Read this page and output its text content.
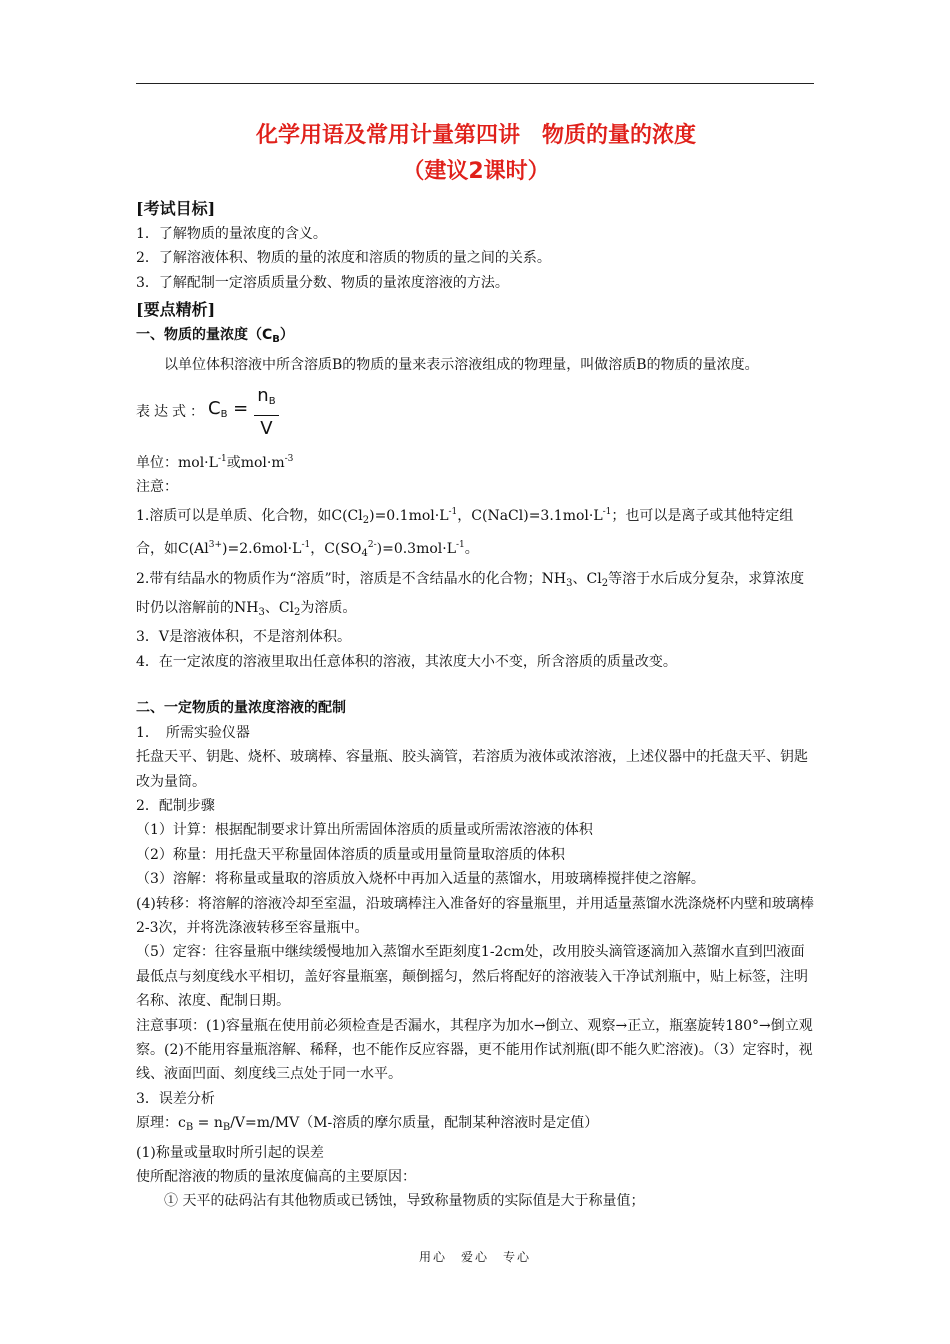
化学用语及常用计量第四讲　物质的量的浓度
（建议2课时）
[考试目标]

1．了解物质的量浓度的含义。

2．了解溶液体积、物质的量的浓度和溶质的物质的量之间的关系。

3．了解配制一定溶质质量分数、物质的量浓度溶液的方法。

[要点精析]

一、物质的量浓度$(C_B)$

以单位体积溶液中所含溶质B的物质的量来表示溶液组成的物理量，叫做溶质B的物质的量浓度。

表达式： $C_B = \frac{n_B}{V}$

单位：$mol\cdot L^{-1}$或$mol\cdot m^{-3}$

注意：

1.溶质可以是单质、化合物，如$C(Cl_2)=0.1mol\cdot L^{-1}$，$C(NaCl)=3.1mol\cdot L^{-1}$；也可以是离子或其他特定组合，如$C(Al^{3+})=2.6mol\cdot L^{-1}$，$C(SO_4^{2-})=0.3mol\cdot L^{-1}$。

2.带有结晶水的物质作为“溶质”时，溶质是不含结晶水的化合物；$NH_3$、$Cl_2$等溶于水后成分复杂，求算浓度时仍以溶解前的$NH_3$、$Cl_2$为溶质。

3．V是溶液体积，不是溶剂体积。

4．在一定浓度的溶液里取出任意体积的溶液，其浓度大小不变，所含溶质的质量改变。

二、一定物质的量浓度溶液的配制

1．　所需实验仪器

托盘天平、钥匙、烧杯、玻璃棒、容量瓶、胶头滴管，若溶质为液体或浓溶液，上述仪器中的托盘天平、钥匙改为量筒。

2．配制步骤

（1）计算：根据配制要求计算出所需固体溶质的质量或所需浓溶液的体积

（2）称量：用托盘天平称量固体溶质的质量或用量筒量取溶质的体积

（3）溶解：将称量或量取的溶质放入烧杯中再加入适量的蒸馏水，用玻璃棒搅拌使之溶解。

(4)转移：将溶解的溶液冷却至室温，沿玻璃棒注入准备好的容量瓶里，并用适量蒸馏水洗涤烧杯内壁和玻璃棒2-3次，并将洗涤液转移至容量瓶中。

（5）定容：往容量瓶中继续缓慢地加入蒸馏水至距刻度1-2cm处，改用胶头滴管逐滴加入蒸馏水直到凹液面最低点与刻度线水平相切，盖好容量瓶塞，颠倒摇匀，然后将配好的溶液装入干净试剂瓶中，贴上标签，注明名称、浓度、配制日期。

注意事项：(1)容量瓶在使用前必须检查是否漏水，其程序为加水→倒立、观察→正立，瓶塞旋转180°→倒立观察。(2)不能用容量瓶溶解、稀释，也不能作反应容器，更不能用作试剂瓶(即不能久贮溶液)。（3）定容时，视线、液面凹面、刻度线三点处于同一水平。

3．误差分析

原理：$c_B = n_B/V=m/MV(M-$溶质的摩尔质量，配制某种溶液时是定值）

(1)称量或量取时所引起的误差

使所配溶液的物质的量浓度偏高的主要原因：

① 天平的砝码沾有其他物质或已锈蚀，导致称量物质的实际值是大于称量值；

用心　爱心　专心
